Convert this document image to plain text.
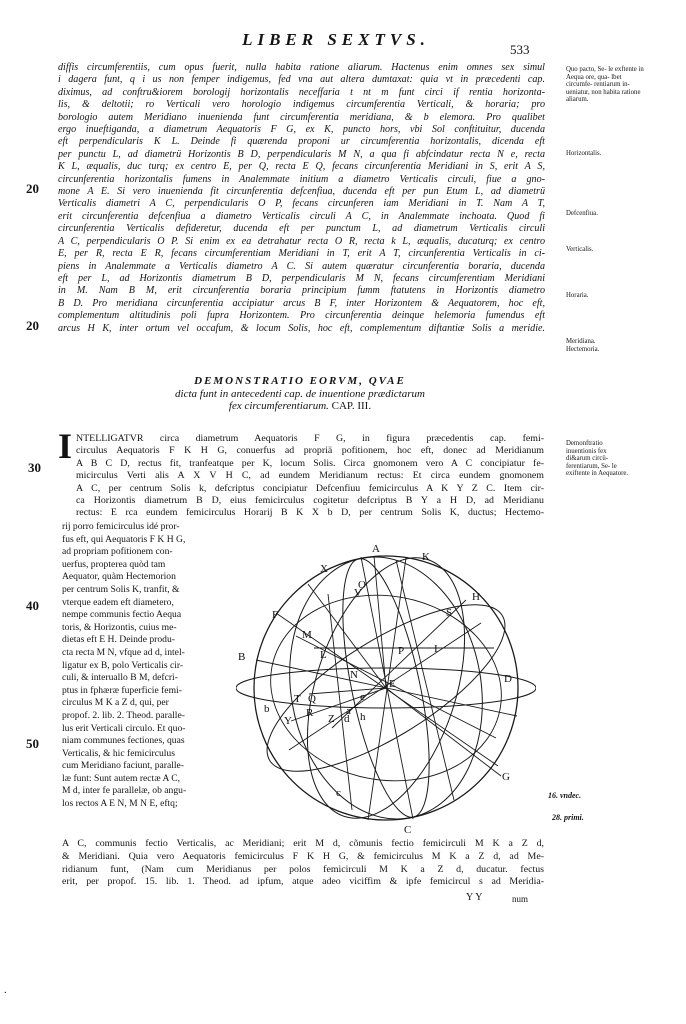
LIBER SEXTVS.
533
diffis circumferentiis, cum opus fuerit, nulla habita ratione aliarum. Hactenus enim omnes sex simul
i dagera funt, q i us non femper indigemus, fed vna aut altera dumtaxat: quia vt in præcedenti cap.
diximus, ad conftru&iorem borologij horizontalis neceffaria t nt m funt circi if rentia horizonta-
lis, & deltotii; ro Verticali vero horologio indigemus circumferentia Verticali, & horaria; pro
borologio autem Meridiano inuenienda funt circumferentia meridiana, & b elemora. Pro qualibet
ergo inueftiganda, a diametrum Aequatoris F G, ex K, puncto hors, vbi Sol conftituitur, ducenda
eft perpendicularis K L. Deinde fi quærenda proponi ur circumferentia horizontalis, dicenda eft
per punctu L, ad diametrü Horizontis B D, perpendicularis M N, a qua fi abfcindatur recta N e, recta
K L, æqualis, duc turq; ex centro E, per Q, recta E Q, fecans circunferentia Meridiani in S, erit A S,
circunferentia horizontalis fumens in Analemmate initium a diametro Verticalis circuli, fiue a gno-
mone A E. Si vero inuenienda fit circunferentia defcenfiua, ducenda eft per pun Etum L, ad diametrü
Verticalis diametri A C, perpendicularis O P, fecans circunferen iam Meridiani in T. Nam A T,
erit circunferentia defcenfiua a diametro Verticalis circuli A C, in Analemmate inchoata. Quod fi
circunferentia Verticalis defideretur, ducenda eft per punctum L, ad diametrum Verticalis circuli
A C, perpendicularis O P. Si enim ex ea detrahatur recta O R, recta k L, æqualis, ducaturq; ex centro
E, per R, recta E R, fecans circumferentiam Meridiani in T, erit A T, circunferentia Verticalis in ci-
piens in Analemmate a Verticalis diametro A C. Si autem quæratur circunferentia boraria, ducenda
eft per L, ad Horizontis diametrum B D, perpendicularis M N, fecans circumferentiam Meridiani
in M. Nam B M, erit circunferentia boraria principium fumm ftatutens in Horizontis diametro
B D. Pro meridiana circunferentia accipiatur arcus B F, inter Horizontem & Aequatorem, hoc eft,
complementum altitudinis poli fupra Horizontem. Pro circunferentia deinque helemoria fumendus eft
arcus H K, inter ortum vel occafum, & locum Solis, hoc eft, complementum diftantiæ Solis a meridie.
20
20
30
40
50
Quo pacto, Se- le exftente in Aequa ore, qua- lbet circumfe- rentiarum in- ueniatur, non habita ratione aliarum.
Horizontalis.
Defcenfiua.
Verticalis.
Horaria.
Meridiana. Hectemoria.
Demonftratio inuentionis fex di&arum circü- ferentiarum, Se- le exiftente in Aequatore.
16. vndec.
28. primi.
DEMONSTRATIO EORVM, QVAE
dicta funt in antecedenti cap. de inuentione prædictarum
fex circumferentiarum. CAP. III.
I NTELLIGATVR circa diametrum Aequatoris F G, in figura præcedentis cap. femi-
circulus Aequatoris F K H G, conuerfus ad propriä pofitionem, hoc eft, donec ad Meridianum
A B C D, rectus fit, tranfeatque per K, locum Solis. Circa gnomonem vero A C concipiatur fe-
micirculus Verti alis A X V H C, ad eundem Meridianum rectus: Et circa eundem gnomonem
A C, per centrum Solis k, defcriptus concipiatur Defcenfiuu femicirculus A K Y Z C. Item cir-
ca Horizontis diametrum B D, eius femicirculus cogitetur defcriptus B Y a H D, ad Meridianu
rectus: E rca eundem femicirculus Horarij B K X b D, per centrum Solis K, ductus; Hectemo-
rij porro femicirculus idé pror-
fus eft, qui Aequatoris F K H G,
ad propriam pofitionem con-
uerfus, propterea quòd tam
Aequator, quàm Hectemorion
per centrum Solis K, tranfit, &
vterque eadem eft diametero,
nempe communis fectio Aequa
toris, & Horizontis, cuius me-
dietas eft E H. Deinde produ-
cta recta M N, vfque ad d, intel-
ligatur ex B, polo Verticalis cir-
culi, & interuallo B M, defcri-
ptus in fphæræ fuperficie femi-
circulus M K a Z d, qui, per
propof. 2. lib. 2. Theod. paralle-
lus erit Verticali circulo. Et quo-
niam communes fectiones, quas
Verticalis, & hic femicirculus
cum Meridiano faciunt, paralle-
læ funt: Sunt autem rectæ A C,
M d, inter fe parallelæ, ob angu-
los rectos A E N, M N E, eftq;
A
K
B
D
C
E
F
G
H
I
L
M
N
Q
R
T
P
Y
b
Z
V
d
c
a
e
S
X
O
h
A C, communis fectio Verticalis, ac Meridiani; erit M d, cõmunis fectio femicirculi M K a Z d,
& Meridiani. Quia vero Aequatoris femicirculus F K H G, & femicirculus M K a Z d, ad Me-
ridianum funt, (Nam cum Meridianus per polos femicirculi M K a Z d, ducatur. fectus
erit, per propof. 15. lib. 1. Theod. ad ipfum, atque adeo viciffim & ipfe femicircul s ad Meridia-
YY	num
.
